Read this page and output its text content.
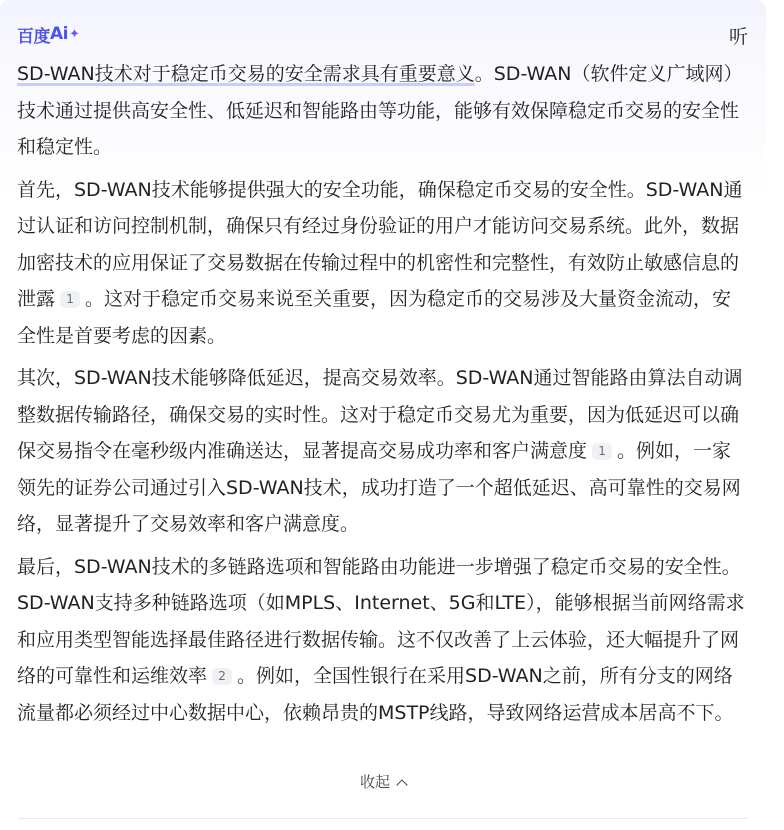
百度 Ai ✦	听

SD-WAN技术对于稳定币交易的安全需求具有重要意义。SD-WAN（软件定义广域网）技术通过提供高安全性、低延迟和智能路由等功能，能够有效保障稳定币交易的安全性和稳定性。

首先，SD-WAN技术能够提供强大的安全功能，确保稳定币交易的安全性。SD-WAN通过认证和访问控制机制，确保只有经过身份验证的用户才能访问交易系统。此外，数据加密技术的应用保证了交易数据在传输过程中的机密性和完整性，有效防止敏感信息的泄露 1 。这对于稳定币交易来说至关重要，因为稳定币的交易涉及大量资金流动，安全性是首要考虑的因素。

其次，SD-WAN技术能够降低延迟，提高交易效率。SD-WAN通过智能路由算法自动调整数据传输路径，确保交易的实时性。这对于稳定币交易尤为重要，因为低延迟可以确保交易指令在毫秒级内准确送达，显著提高交易成功率和客户满意度 1 。例如，一家领先的证券公司通过引入SD-WAN技术，成功打造了一个超低延迟、高可靠性的交易网络，显著提升了交易效率和客户满意度。

最后，SD-WAN技术的多链路选项和智能路由功能进一步增强了稳定币交易的安全性。SD-WAN支持多种链路选项（如MPLS、Internet、5G和LTE），能够根据当前网络需求和应用类型智能选择最佳路径进行数据传输。这不仅改善了上云体验，还大幅提升了网络的可靠性和运维效率 2 。例如，全国性银行在采用SD-WAN之前，所有分支的网络流量都必须经过中心数据中心，依赖昂贵的MSTP线路，导致网络运营成本居高不下。

收起
